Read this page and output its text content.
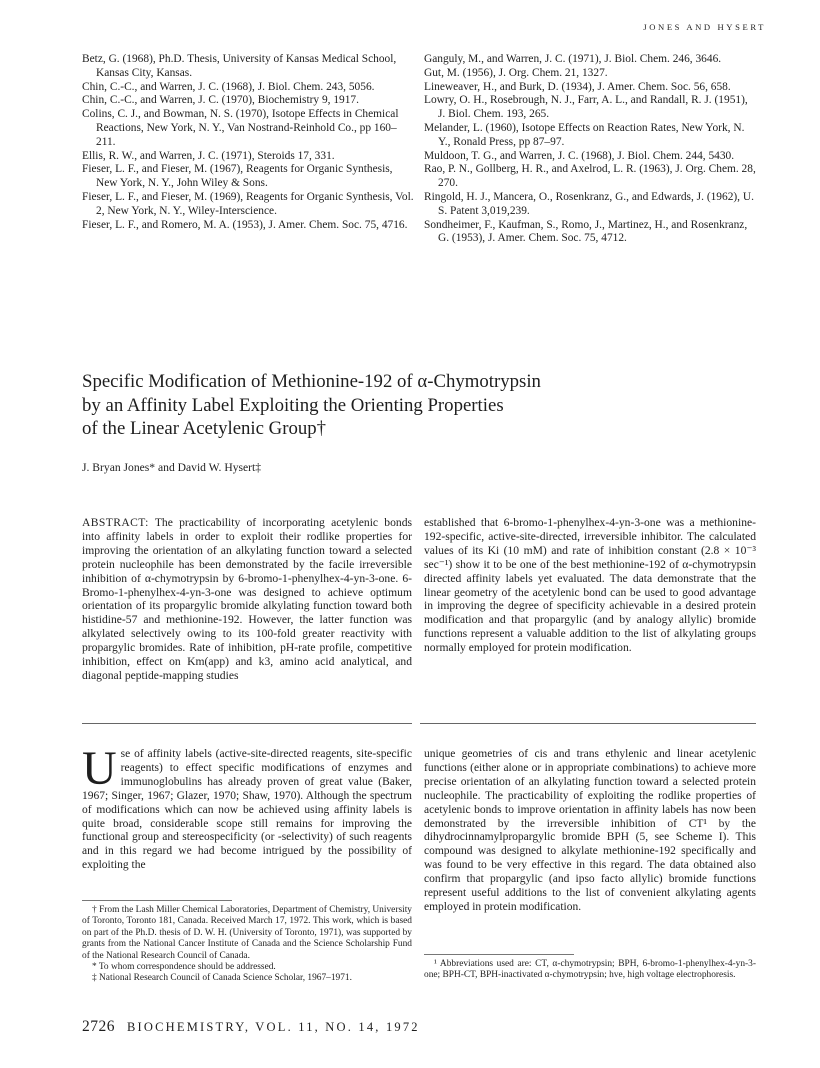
JONES AND HYSERT

Betz, G. (1968), Ph.D. Thesis, University of Kansas Medical School, Kansas City, Kansas.

Chin, C.-C., and Warren, J. C. (1968), J. Biol. Chem. 243, 5056.

Chin, C.-C., and Warren, J. C. (1970), Biochemistry 9, 1917.

Colins, C. J., and Bowman, N. S. (1970), Isotope Effects in Chemical Reactions, New York, N. Y., Van Nostrand-Reinhold Co., pp 160–211.

Ellis, R. W., and Warren, J. C. (1971), Steroids 17, 331.

Fieser, L. F., and Fieser, M. (1967), Reagents for Organic Synthesis, New York, N. Y., John Wiley & Sons.

Fieser, L. F., and Fieser, M. (1969), Reagents for Organic Synthesis, Vol. 2, New York, N. Y., Wiley-Interscience.

Fieser, L. F., and Romero, M. A. (1953), J. Amer. Chem. Soc. 75, 4716.

Ganguly, M., and Warren, J. C. (1971), J. Biol. Chem. 246, 3646.

Gut, M. (1956), J. Org. Chem. 21, 1327.

Lineweaver, H., and Burk, D. (1934), J. Amer. Chem. Soc. 56, 658.

Lowry, O. H., Rosebrough, N. J., Farr, A. L., and Randall, R. J. (1951), J. Biol. Chem. 193, 265.

Melander, L. (1960), Isotope Effects on Reaction Rates, New York, N. Y., Ronald Press, pp 87–97.

Muldoon, T. G., and Warren, J. C. (1968), J. Biol. Chem. 244, 5430.

Rao, P. N., Gollberg, H. R., and Axelrod, L. R. (1963), J. Org. Chem. 28, 270.

Ringold, H. J., Mancera, O., Rosenkranz, G., and Edwards, J. (1962), U. S. Patent 3,019,239.

Sondheimer, F., Kaufman, S., Romo, J., Martinez, H., and Rosenkranz, G. (1953), J. Amer. Chem. Soc. 75, 4712.

Specific Modification of Methionine-192 of α-Chymotrypsin
by an Affinity Label Exploiting the Orienting Properties
of the Linear Acetylenic Group†
J. Bryan Jones* and David W. Hysert‡
ABSTRACT: The practicability of incorporating acetylenic bonds into affinity labels in order to exploit their rodlike properties for improving the orientation of an alkylating function toward a selected protein nucleophile has been demonstrated by the facile irreversible inhibition of α-chymotrypsin by 6-bromo-1-phenylhex-4-yn-3-one. 6-Bromo-1-phenylhex-4-yn-3-one was designed to achieve optimum orientation of its propargylic bromide alkylating function toward both histidine-57 and methionine-192. However, the latter function was alkylated selectively owing to its 100-fold greater reactivity with propargylic bromides. Rate of inhibition, pH-rate profile, competitive inhibition, effect on Km(app) and k3, amino acid analytical, and diagonal peptide-mapping studies
established that 6-bromo-1-phenylhex-4-yn-3-one was a methionine-192-specific, active-site-directed, irreversible inhibitor. The calculated values of its Ki (10 mM) and rate of inhibition constant (2.8 × 10⁻³ sec⁻¹) show it to be one of the best methionine-192 of α-chymotrypsin directed affinity labels yet evaluated. The data demonstrate that the linear geometry of the acetylenic bond can be used to good advantage in improving the degree of specificity achievable in a desired protein modification and that propargylic (and by analogy allylic) bromide functions represent a valuable addition to the list of alkylating groups normally employed for protein modification.
Use of affinity labels (active-site-directed reagents, site-specific reagents) to effect specific modifications of enzymes and immunoglobulins has already proven of great value (Baker, 1967; Singer, 1967; Glazer, 1970; Shaw, 1970). Although the spectrum of modifications which can now be achieved using affinity labels is quite broad, considerable scope still remains for improving the functional group and stereospecificity (or -selectivity) of such reagents and in this regard we had become intrigued by the possibility of exploiting the
unique geometries of cis and trans ethylenic and linear acetylenic functions (either alone or in appropriate combinations) to achieve more precise orientation of an alkylating function toward a selected protein nucleophile. The practicability of exploiting the rodlike properties of acetylenic bonds to improve orientation in affinity labels has now been demonstrated by the irreversible inhibition of CT¹ by the dihydrocinnamylpropargylic bromide BPH (5, see Scheme I). This compound was designed to alkylate methionine-192 specifically and was found to be very effective in this regard. The data obtained also confirm that propargylic (and ipso facto allylic) bromide functions represent useful additions to the list of convenient alkylating agents employed in protein modification.

† From the Lash Miller Chemical Laboratories, Department of Chemistry, University of Toronto, Toronto 181, Canada. Received March 17, 1972. This work, which is based on part of the Ph.D. thesis of D. W. H. (University of Toronto, 1971), was supported by grants from the National Cancer Institute of Canada and the Science Scholarship Fund of the National Research Council of Canada.

* To whom correspondence should be addressed.

‡ National Research Council of Canada Science Scholar, 1967–1971.

¹ Abbreviations used are: CT, α-chymotrypsin; BPH, 6-bromo-1-phenylhex-4-yn-3-one; BPH-CT, BPH-inactivated α-chymotrypsin; hve, high voltage electrophoresis.

2726 BIOCHEMISTRY, VOL. 11, NO. 14, 1972
